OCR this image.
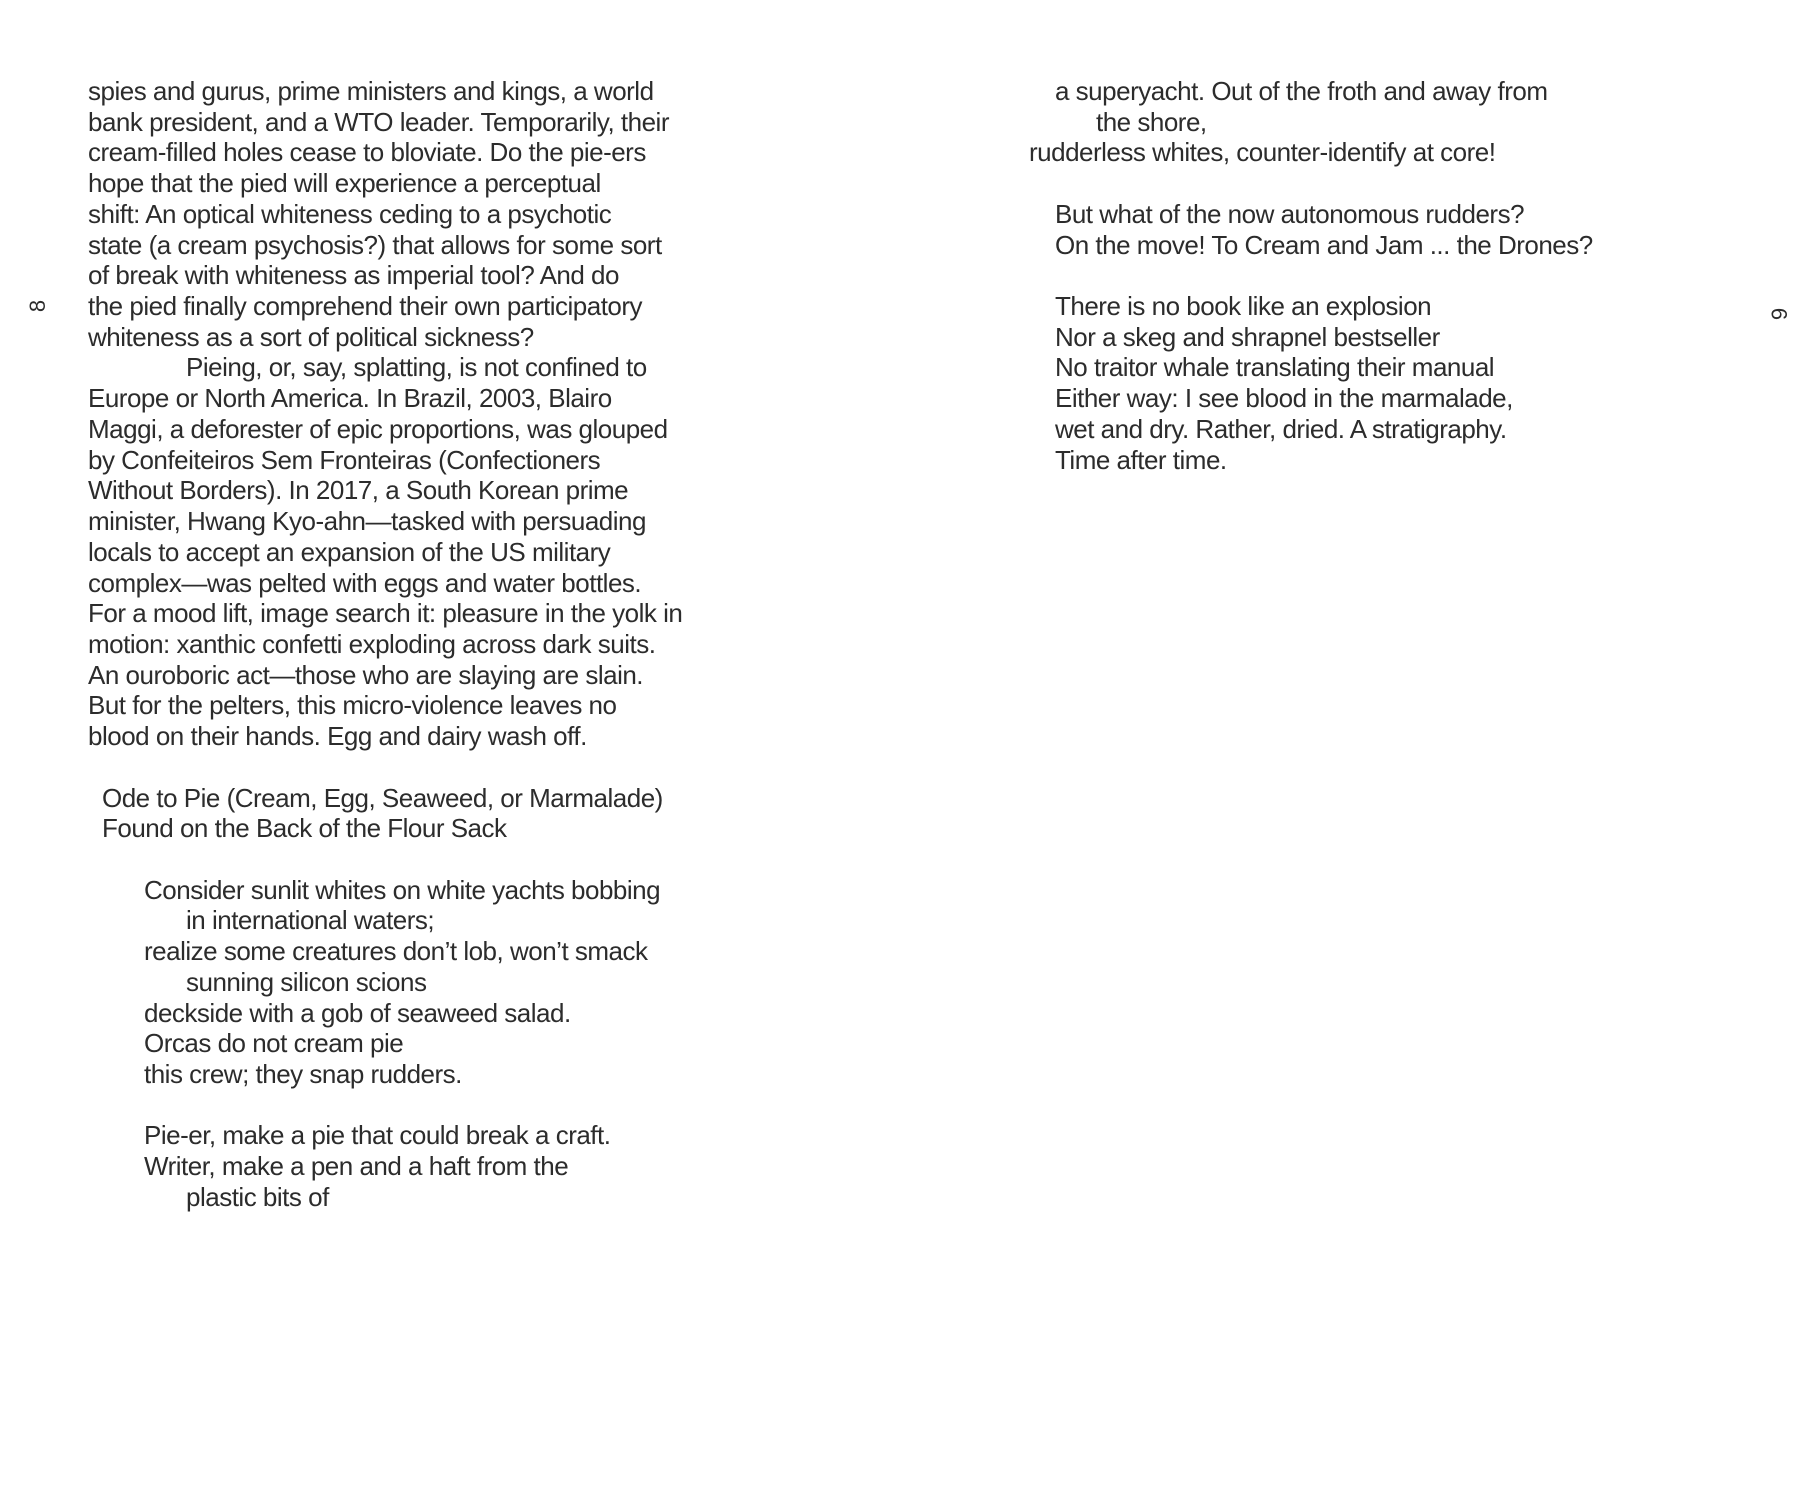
8
spies and gurus, prime ministers and kings, a world
bank president, and a WTO leader. Temporarily, their
cream-filled holes cease to bloviate. Do the pie-ers
hope that the pied will experience a perceptual
shift: An optical whiteness ceding to a psychotic
state (a cream psychosis?) that allows for some sort
of break with whiteness as imperial tool? And do
the pied finally comprehend their own participatory
whiteness as a sort of political sickness?
Pieing, or, say, splatting, is not confined to
Europe or North America. In Brazil, 2003, Blairo
Maggi, a deforester of epic proportions, was glouped
by Confeiteiros Sem Fronteiras (Confectioners
Without Borders). In 2017, a South Korean prime
minister, Hwang Kyo-ahn—tasked with persuading
locals to accept an expansion of the US military
complex—was pelted with eggs and water bottles.
For a mood lift, image search it: pleasure in the yolk in
motion: xanthic confetti exploding across dark suits.
An ouroboric act—those who are slaying are slain.
But for the pelters, this micro-violence leaves no
blood on their hands. Egg and dairy wash off.
Ode to Pie (Cream, Egg, Seaweed, or Marmalade)
Found on the Back of the Flour Sack
Consider sunlit whites on white yachts bobbing
in international waters;
realize some creatures don’t lob, won’t smack
sunning silicon scions
deckside with a gob of seaweed salad.
Orcas do not cream pie
this crew; they snap rudders.
Pie-er, make a pie that could break a craft.
Writer, make a pen and a haft from the
plastic bits of
a superyacht. Out of the froth and away from
the shore,
rudderless whites, counter-identify at core!
But what of the now autonomous rudders?
On the move! To Cream and Jam ... the Drones?
There is no book like an explosion
Nor a skeg and shrapnel bestseller
No traitor whale translating their manual
Either way: I see blood in the marmalade,
wet and dry. Rather, dried. A stratigraphy.
Time after time.
9
